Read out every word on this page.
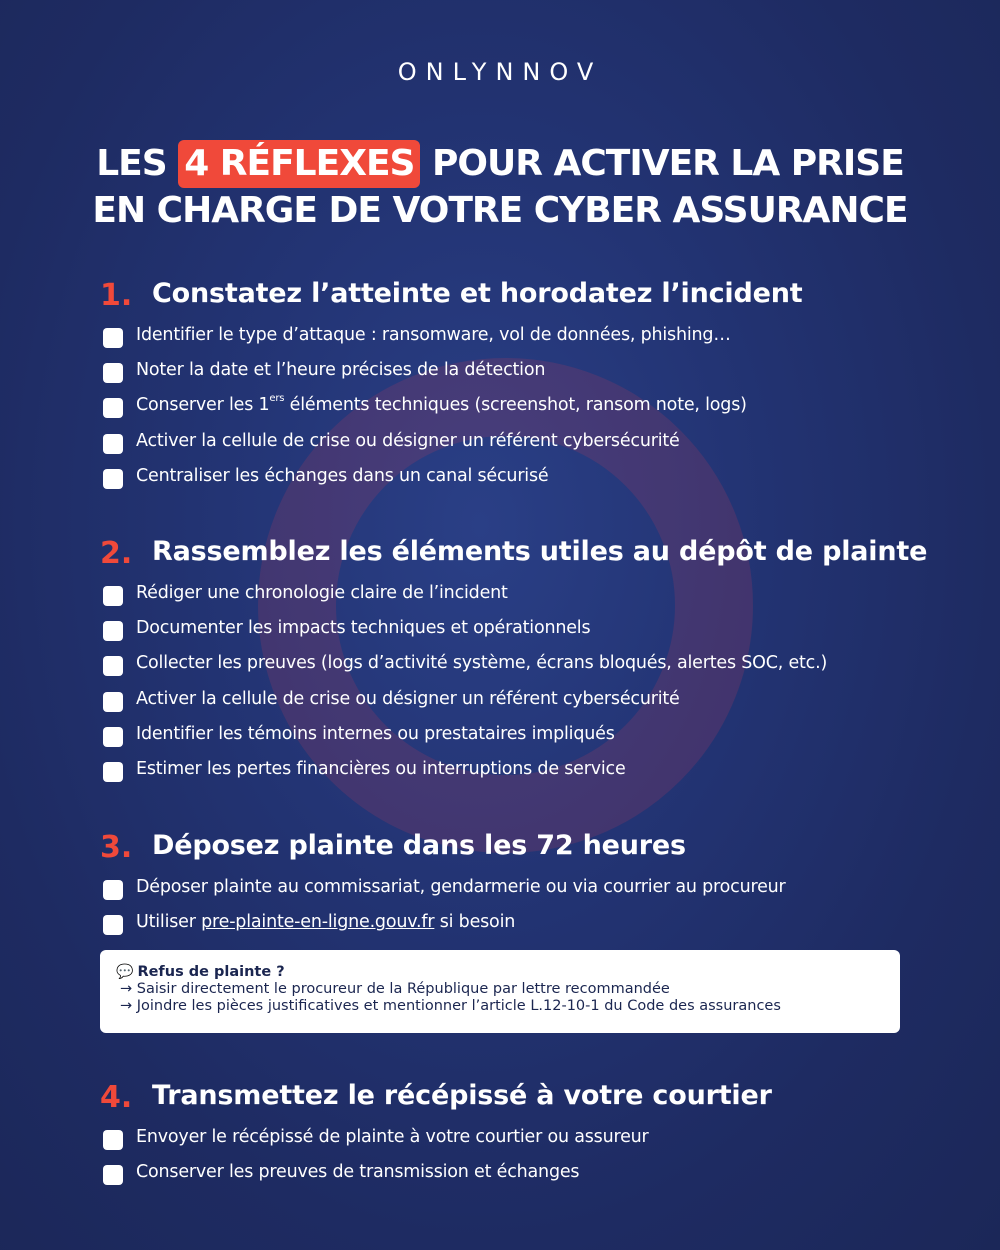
ONLYNNOV
LES 4 RÉFLEXES POUR ACTIVER LA PRISE
EN CHARGE DE VOTRE CYBER ASSURANCE
1. Constatez l’atteinte et horodatez l’incident
Identifier le type d’attaque : ransomware, vol de données, phishing…
Noter la date et l’heure précises de la détection
Conserver les 1ers éléments techniques (screenshot, ransom note, logs)
Activer la cellule de crise ou désigner un référent cybersécurité
Centraliser les échanges dans un canal sécurisé
2. Rassemblez les éléments utiles au dépôt de plainte
Rédiger une chronologie claire de l’incident
Documenter les impacts techniques et opérationnels
Collecter les preuves (logs d’activité système, écrans bloqués, alertes SOC, etc.)
Activer la cellule de crise ou désigner un référent cybersécurité
Identifier les témoins internes ou prestataires impliqués
Estimer les pertes financières ou interruptions de service
3. Déposez plainte dans les 72 heures
Déposer plainte au commissariat, gendarmerie ou via courrier au procureur
Utiliser pre-plainte-en-ligne.gouv.fr si besoin
💬 Refus de plainte ?
→ Saisir directement le procureur de la République par lettre recommandée
→ Joindre les pièces justificatives et mentionner l’article L.12-10-1 du Code des assurances
4. Transmettez le récépissé à votre courtier
Envoyer le récépissé de plainte à votre courtier ou assureur
Conserver les preuves de transmission et échanges
